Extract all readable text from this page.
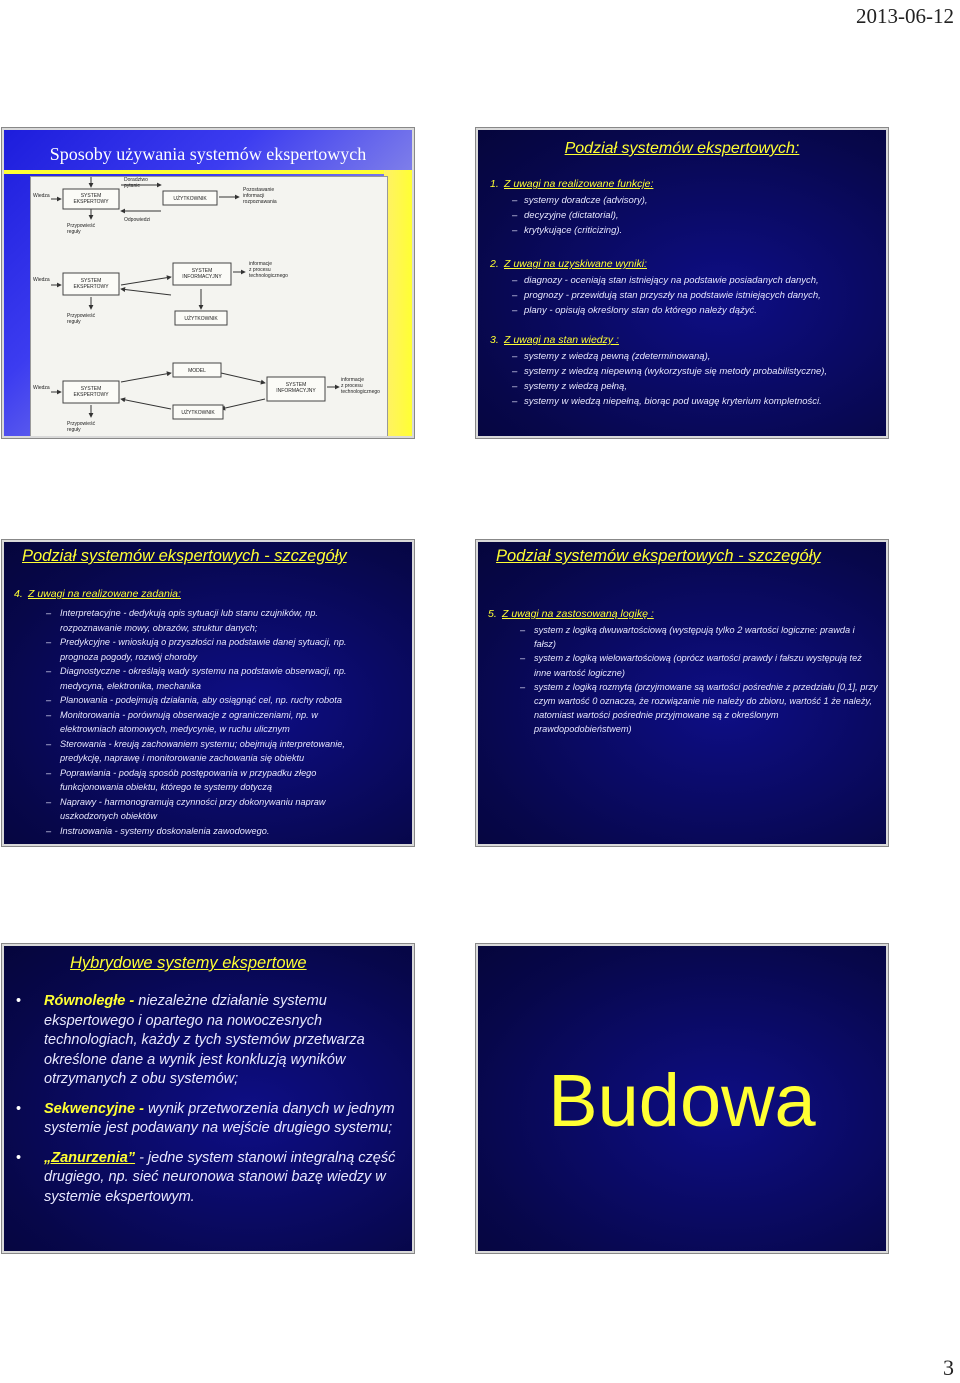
2013-06-12
Sposoby używania systemów ekspertowych
Wiedza	SYSTEM EKSPERTOWY
Doradztwo pytanie
Odpowiedzi
UŻYTKOWNIK
Pozostawanie informacji rozpoznawania
Przypowieść reguły
Wiedza	SYSTEM EKSPERTOWY
SYSTEM INFORMACYJNY
informacje z procesu technologicznego
UŻYTKOWNIK
Przypowieść reguły
Wiedza	SYSTEM EKSPERTOWY
MODEL
SYSTEM INFORMACYJNY
informacje z procesu technologicznego
UŻYTKOWNIK
Przypowieść reguły
Podział systemów ekspertowych:

1. Z uwagi na realizowane funkcje:

– systemy doradcze (advisory),

– decyzyjne (dictatorial),

– krytykujące (criticizing).

2. Z uwagi na uzyskiwane wyniki:

– diagnozy - oceniają stan istniejący na podstawie posiadanych danych,

– prognozy - przewidują stan przyszły na podstawie istniejących danych,

– plany - opisują określony stan do którego należy dążyć.

3. Z uwagi na stan wiedzy :

– systemy z wiedzą pewną (zdeterminowaną),

– systemy z wiedzą niepewną (wykorzystuje się metody probabilistyczne),

– systemy z wiedzą pełną,

– systemy w wiedzą niepełną, biorąc pod uwagę kryterium kompletności.

Podział systemów ekspertowych - szczegóły

4. Z uwagi na realizowane zadania:

– Interpretacyjne - dedykują opis sytuacji lub stanu czujników, np.

rozpoznawanie mowy, obrazów, struktur danych;

– Predykcyjne - wnioskują o przyszłości na podstawie danej sytuacji, np.

prognoza pogody, rozwój choroby

– Diagnostyczne - określają wady systemu na podstawie obserwacji, np.

medycyna, elektronika, mechanika

– Planowania - podejmują działania, aby osiągnąć cel, np. ruchy robota

– Monitorowania - porównują obserwacje z ograniczeniami, np. w

elektrowniach atomowych, medycynie, w ruchu ulicznym

– Sterowania - kreują zachowaniem systemu; obejmują interpretowanie,

predykcję, naprawę i monitorowanie zachowania się obiektu

– Poprawiania - podają sposób postępowania w przypadku złego

funkcjonowania obiektu, którego te systemy dotyczą

– Naprawy - harmonogramują czynności przy dokonywaniu napraw

uszkodzonych obiektów

– Instruowania - systemy doskonalenia zawodowego.

Podział systemów ekspertowych - szczegóły

5. Z uwagi na zastosowaną logikę :

– system z logiką dwuwartościową (występują tylko 2 wartości logiczne: prawda i fałsz)

– system z logiką wielowartościową (oprócz wartości prawdy i fałszu występują też inne wartość logiczne)

– system z logiką rozmytą (przyjmowane są wartości pośrednie z przedziału [0,1], przy czym wartość 0 oznacza, że rozwiązanie nie należy do zbioru, wartość 1 że należy, natomiast wartości pośrednie przyjmowane są z określonym prawdopodobieństwem)

Hybrydowe systemy ekspertowe

• Równoległe - niezależne działanie systemu ekspertowego i opartego na nowoczesnych technologiach, każdy z tych systemów przetwarza określone dane a wynik jest konkluzją wyników otrzymanych z obu systemów;

• Sekwencyjne - wynik przetworzenia danych w jednym systemie jest podawany na wejście drugiego systemu;

• „Zanurzenia” - jedne system stanowi integralną część drugiego, np. sieć neuronowa stanowi bazę wiedzy w systemie ekspertowym.

Budowa
3
